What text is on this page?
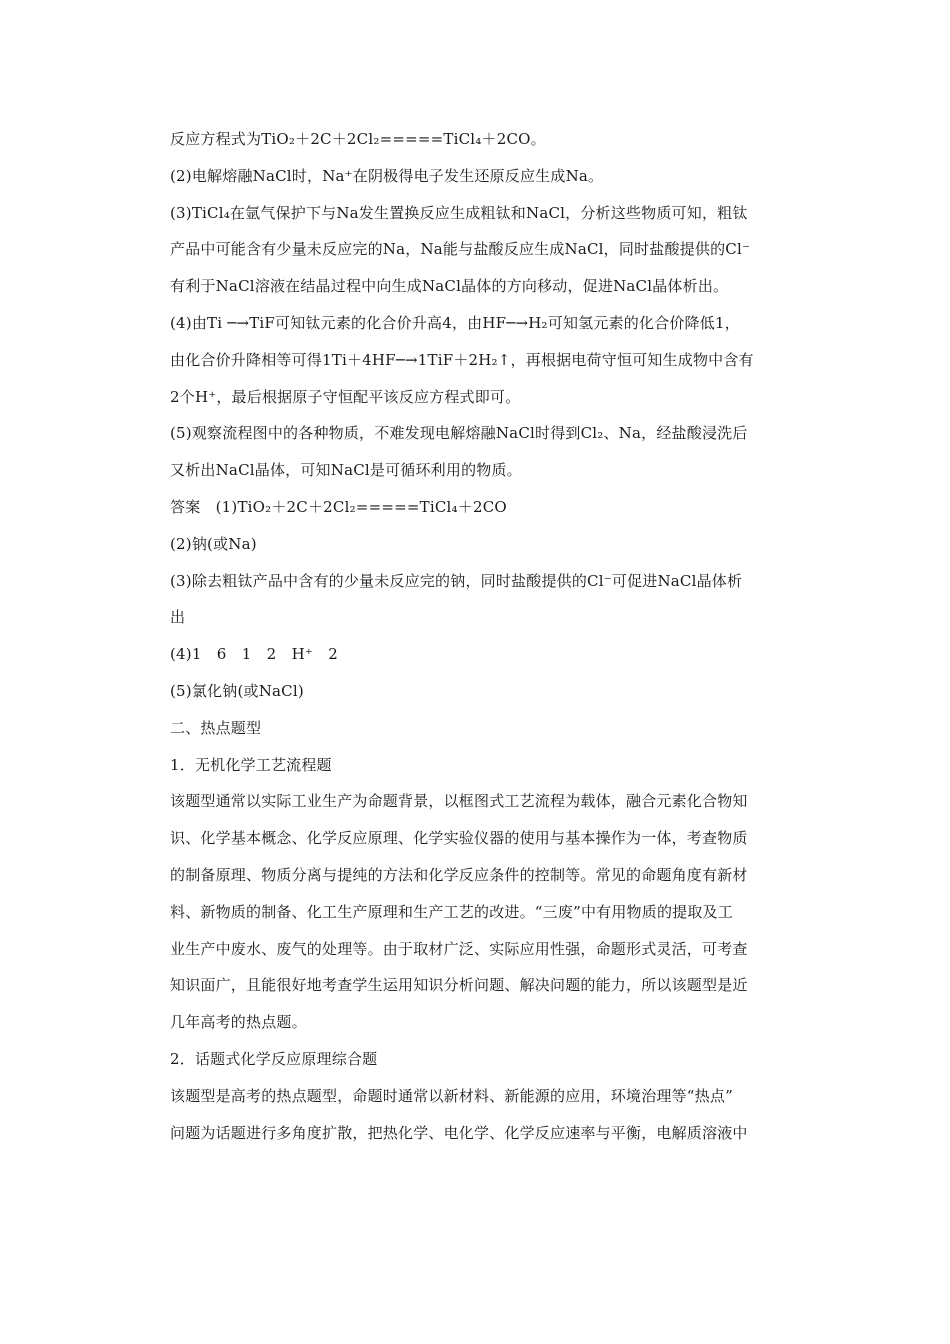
反应方程式为TiO₂＋2C＋2Cl₂=====TiCl₄＋2CO。
(2)电解熔融NaCl时，Na⁺在阴极得电子发生还原反应生成Na。
(3)TiCl₄在氩气保护下与Na发生置换反应生成粗钛和NaCl，分析这些物质可知，粗钛
产品中可能含有少量未反应完的Na，Na能与盐酸反应生成NaCl，同时盐酸提供的Cl⁻
有利于NaCl溶液在结晶过程中向生成NaCl晶体的方向移动，促进NaCl晶体析出。
(4)由Ti ─→TiF可知钛元素的化合价升高4，由HF─→H₂可知氢元素的化合价降低1，
由化合价升降相等可得1Ti＋4HF─→1TiF＋2H₂↑，再根据电荷守恒可知生成物中含有
2个H⁺，最后根据原子守恒配平该反应方程式即可。
(5)观察流程图中的各种物质，不难发现电解熔融NaCl时得到Cl₂、Na，经盐酸浸洗后
又析出NaCl晶体，可知NaCl是可循环利用的物质。
答案　(1)TiO₂＋2C＋2Cl₂=====TiCl₄＋2CO
(2)钠(或Na)
(3)除去粗钛产品中含有的少量未反应完的钠，同时盐酸提供的Cl⁻可促进NaCl晶体析
出
(4)1　6　1　2　H⁺　2
(5)氯化钠(或NaCl)
二、热点题型
1．无机化学工艺流程题
该题型通常以实际工业生产为命题背景，以框图式工艺流程为载体，融合元素化合物知
识、化学基本概念、化学反应原理、化学实验仪器的使用与基本操作为一体，考查物质
的制备原理、物质分离与提纯的方法和化学反应条件的控制等。常见的命题角度有新材
料、新物质的制备、化工生产原理和生产工艺的改进。“三废”中有用物质的提取及工
业生产中废水、废气的处理等。由于取材广泛、实际应用性强，命题形式灵活，可考查
知识面广，且能很好地考查学生运用知识分析问题、解决问题的能力，所以该题型是近
几年高考的热点题。
2．话题式化学反应原理综合题
该题型是高考的热点题型，命题时通常以新材料、新能源的应用，环境治理等“热点”
问题为话题进行多角度扩散，把热化学、电化学、化学反应速率与平衡，电解质溶液中
